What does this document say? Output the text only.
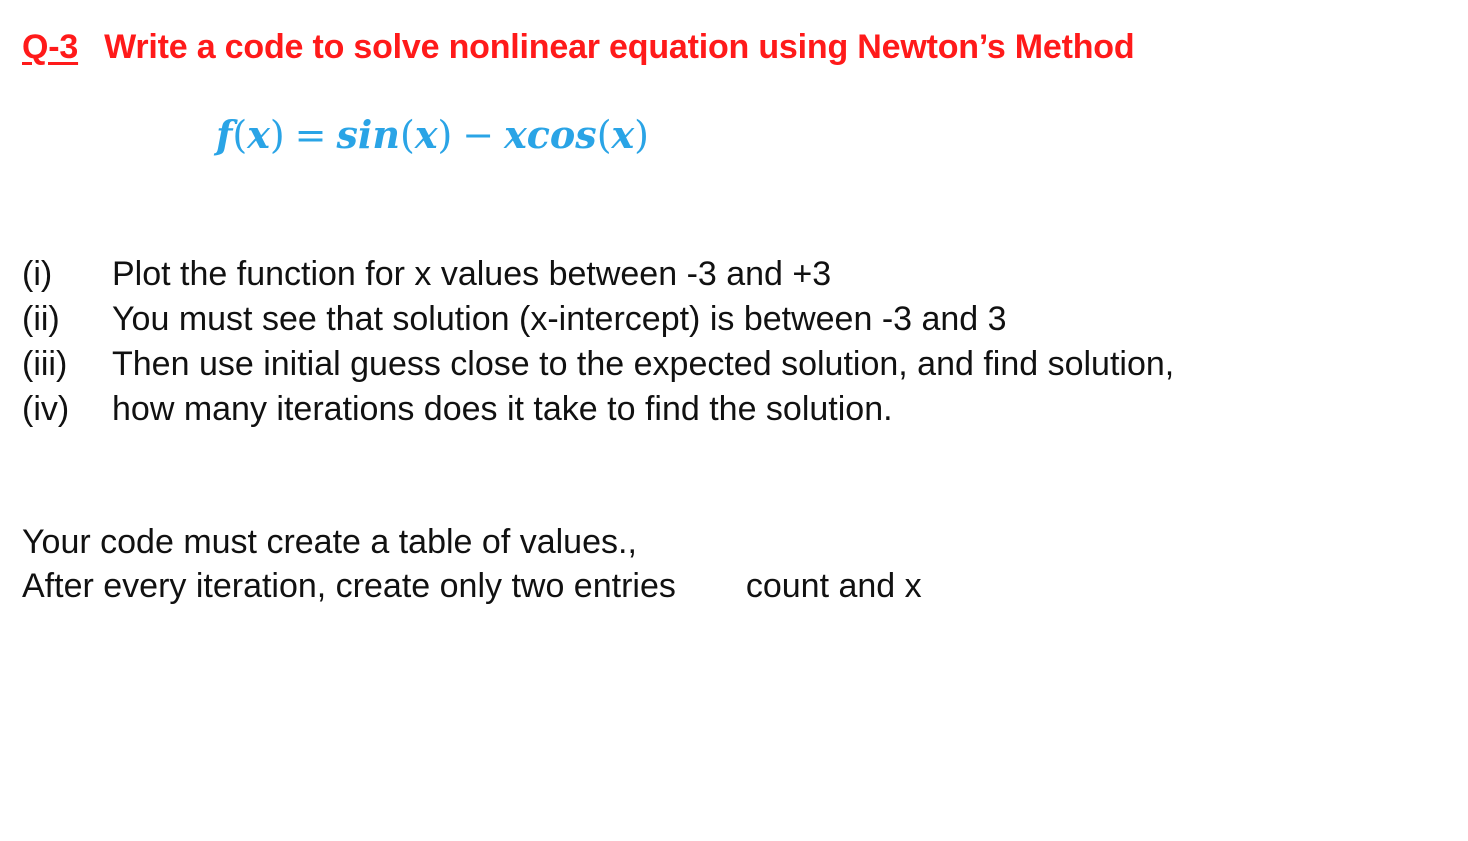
Q-3 Write a code to solve nonlinear equation using Newton’s Method
f(x) = sin(x) − xcos(x)
(i)	Plot the function for x values between -3 and +3
(ii)	You must see that solution (x-intercept) is between -3 and 3
(iii)	Then use initial guess close to the expected solution, and find solution,
(iv)	how many iterations does it take to find the solution.
Your code must create a table of values.,
After every iteration, create only two entries count and x
